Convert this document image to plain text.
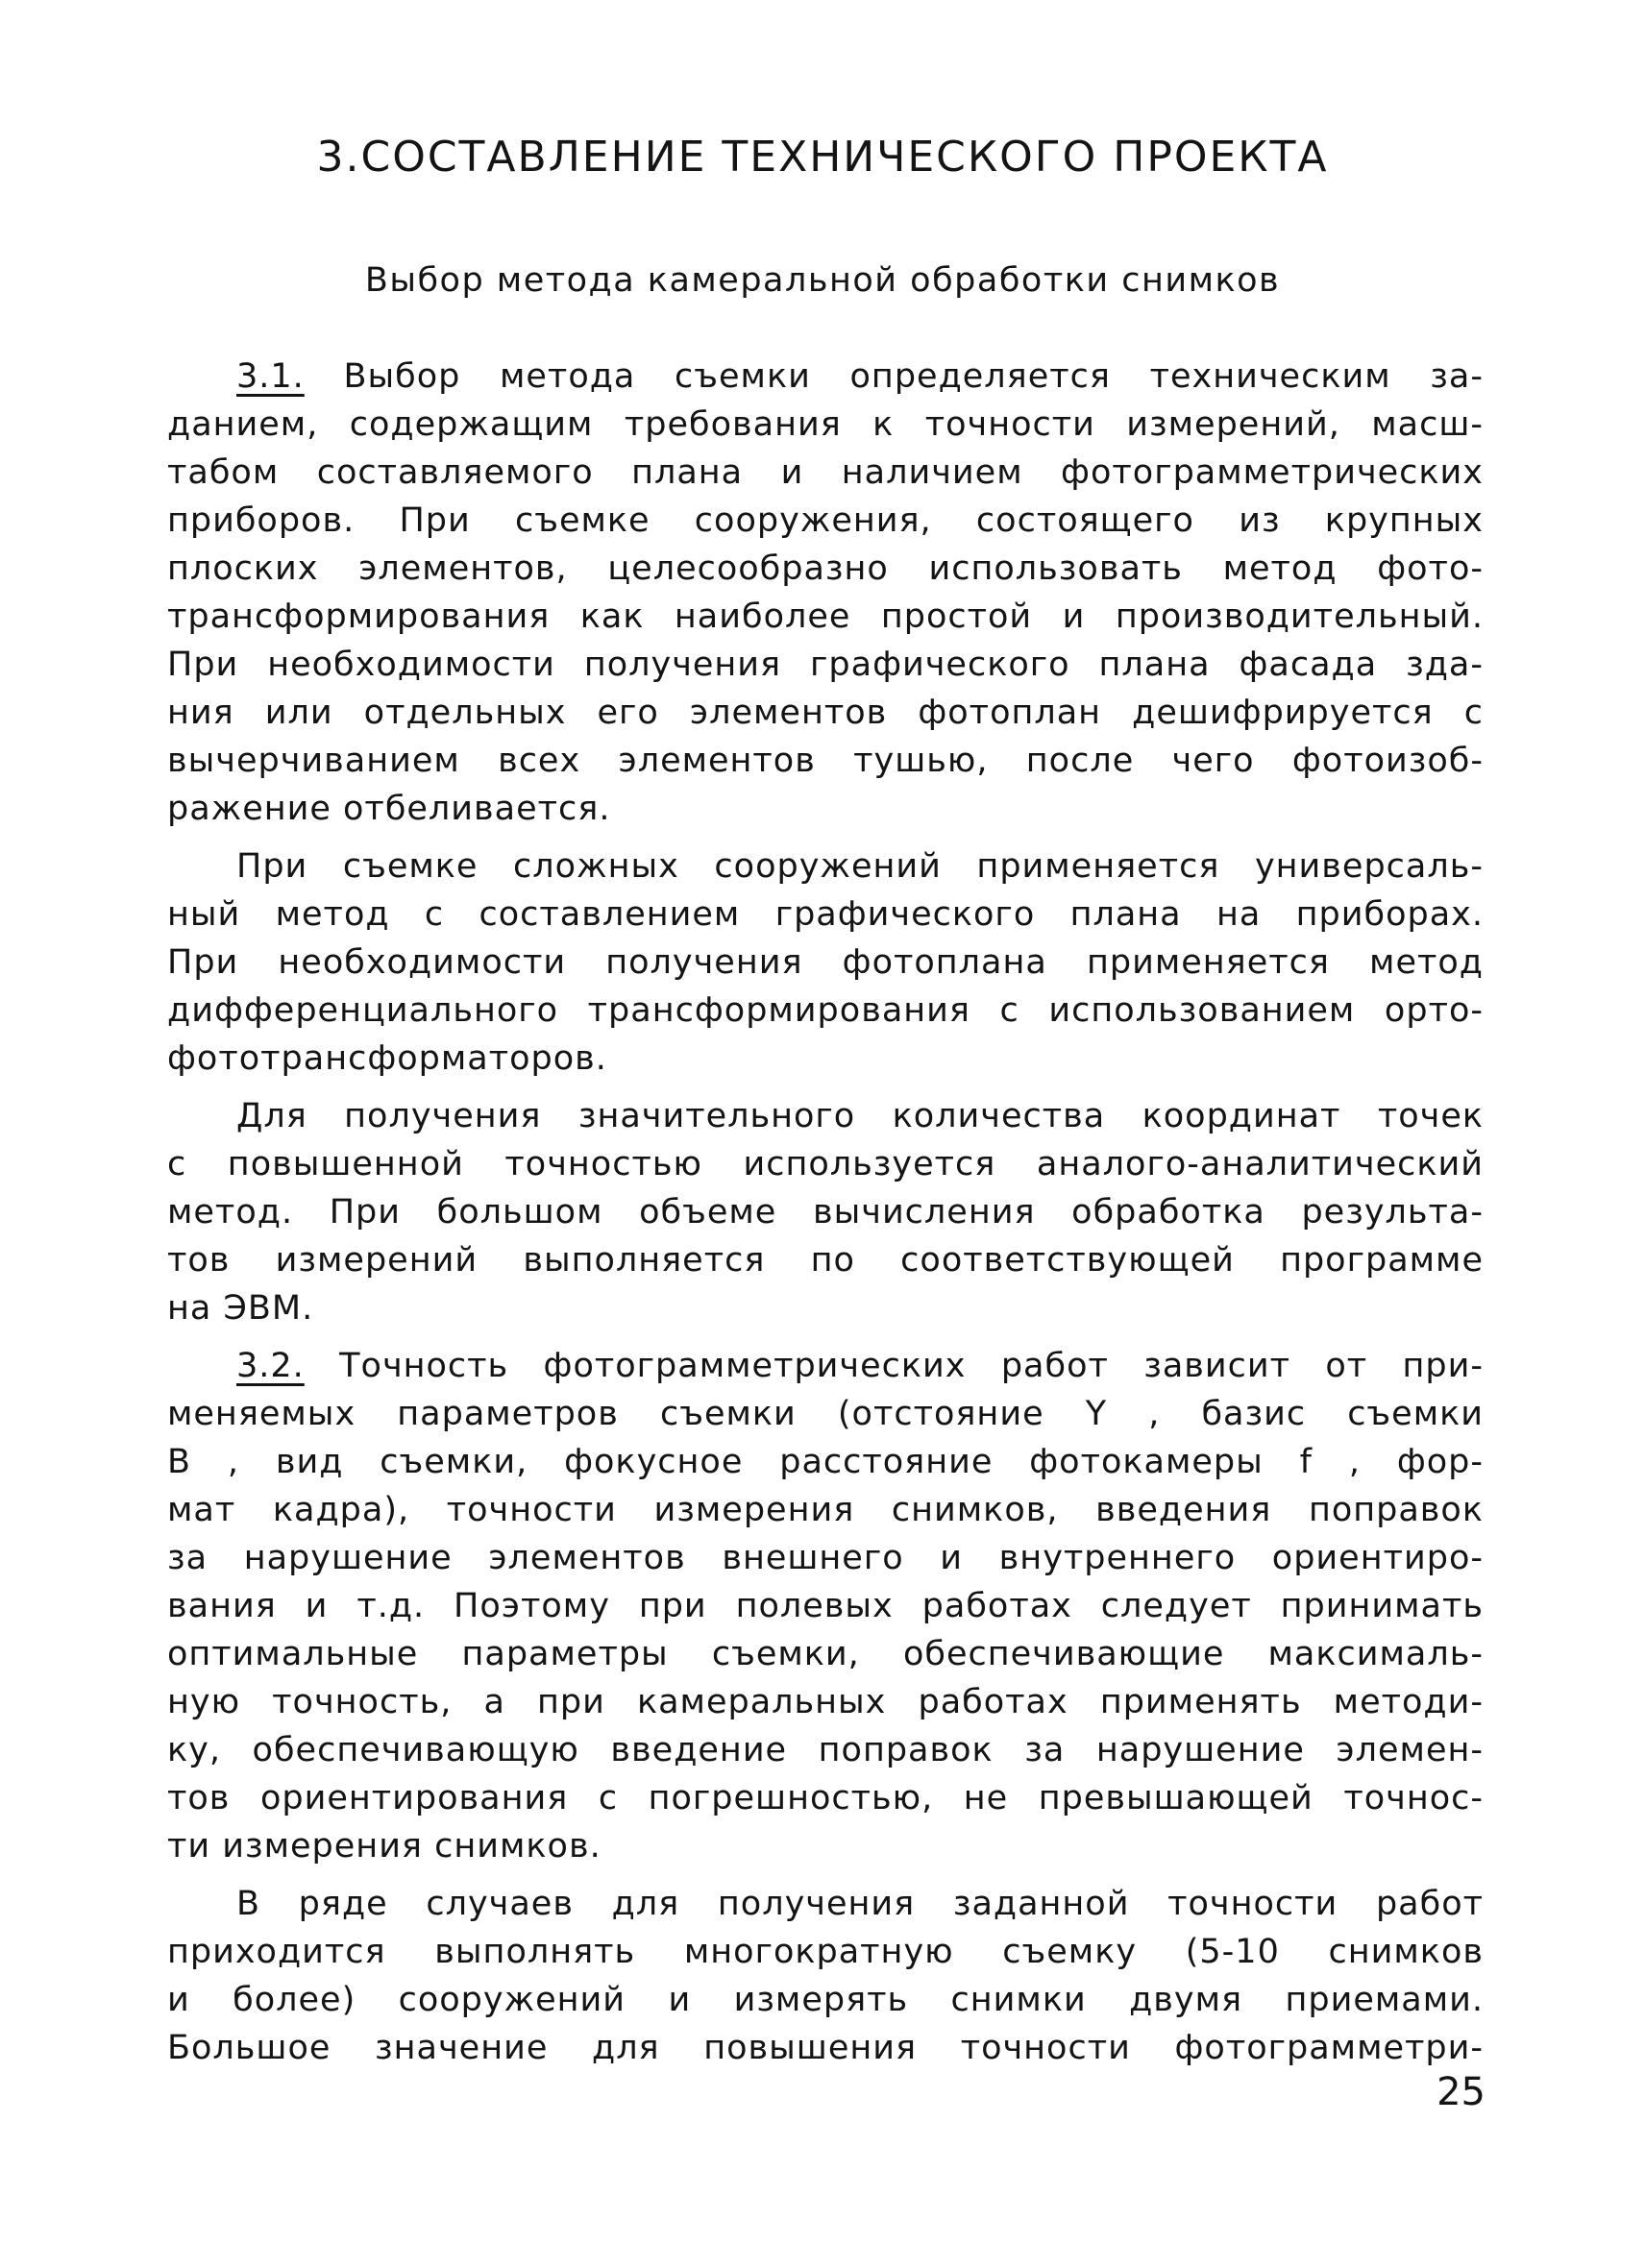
3.СОСТАВЛЕНИЕ ТЕХНИЧЕСКОГО ПРОЕКТА
Выбор метода камеральной обработки снимков
3.1. Выбор метода съемки определяется техническим за-
данием, содержащим требования к точности измерений, масш-
табом составляемого плана и наличием фотограмметрических
приборов. При съемке сооружения, состоящего из крупных
плоских элементов, целесообразно использовать метод фото-
трансформирования как наиболее простой и производительный.
При необходимости получения графического плана фасада зда-
ния или отдельных его элементов фотоплан дешифрируется с
вычерчиванием всех элементов тушью, после чего фотоизоб-
ражение отбеливается.
При съемке сложных сооружений применяется универсаль-
ный метод с составлением графического плана на приборах.
При необходимости получения фотоплана применяется метод
дифференциального трансформирования с использованием орто-
фототрансформаторов.
Для получения значительного количества координат точек
с повышенной точностью используется аналого-аналитический
метод. При большом объеме вычисления обработка результа-
тов измерений выполняется по соответствующей программе
на ЭВМ.
3.2. Точность фотограмметрических работ зависит от при-
меняемых параметров съемки (отстояние Y , базис съемки
B , вид съемки, фокусное расстояние фотокамеры f , фор-
мат кадра), точности измерения снимков, введения поправок
за нарушение элементов внешнего и внутреннего ориентиро-
вания и т.д. Поэтому при полевых работах следует принимать
оптимальные параметры съемки, обеспечивающие максималь-
ную точность, а при камеральных работах применять методи-
ку, обеспечивающую введение поправок за нарушение элемен-
тов ориентирования с погрешностью, не превышающей точнос-
ти измерения снимков.
В ряде случаев для получения заданной точности работ
приходится выполнять многократную съемку (5-10 снимков
и более) сооружений и измерять снимки двумя приемами.
Большое значение для повышения точности фотограмметри-
25
